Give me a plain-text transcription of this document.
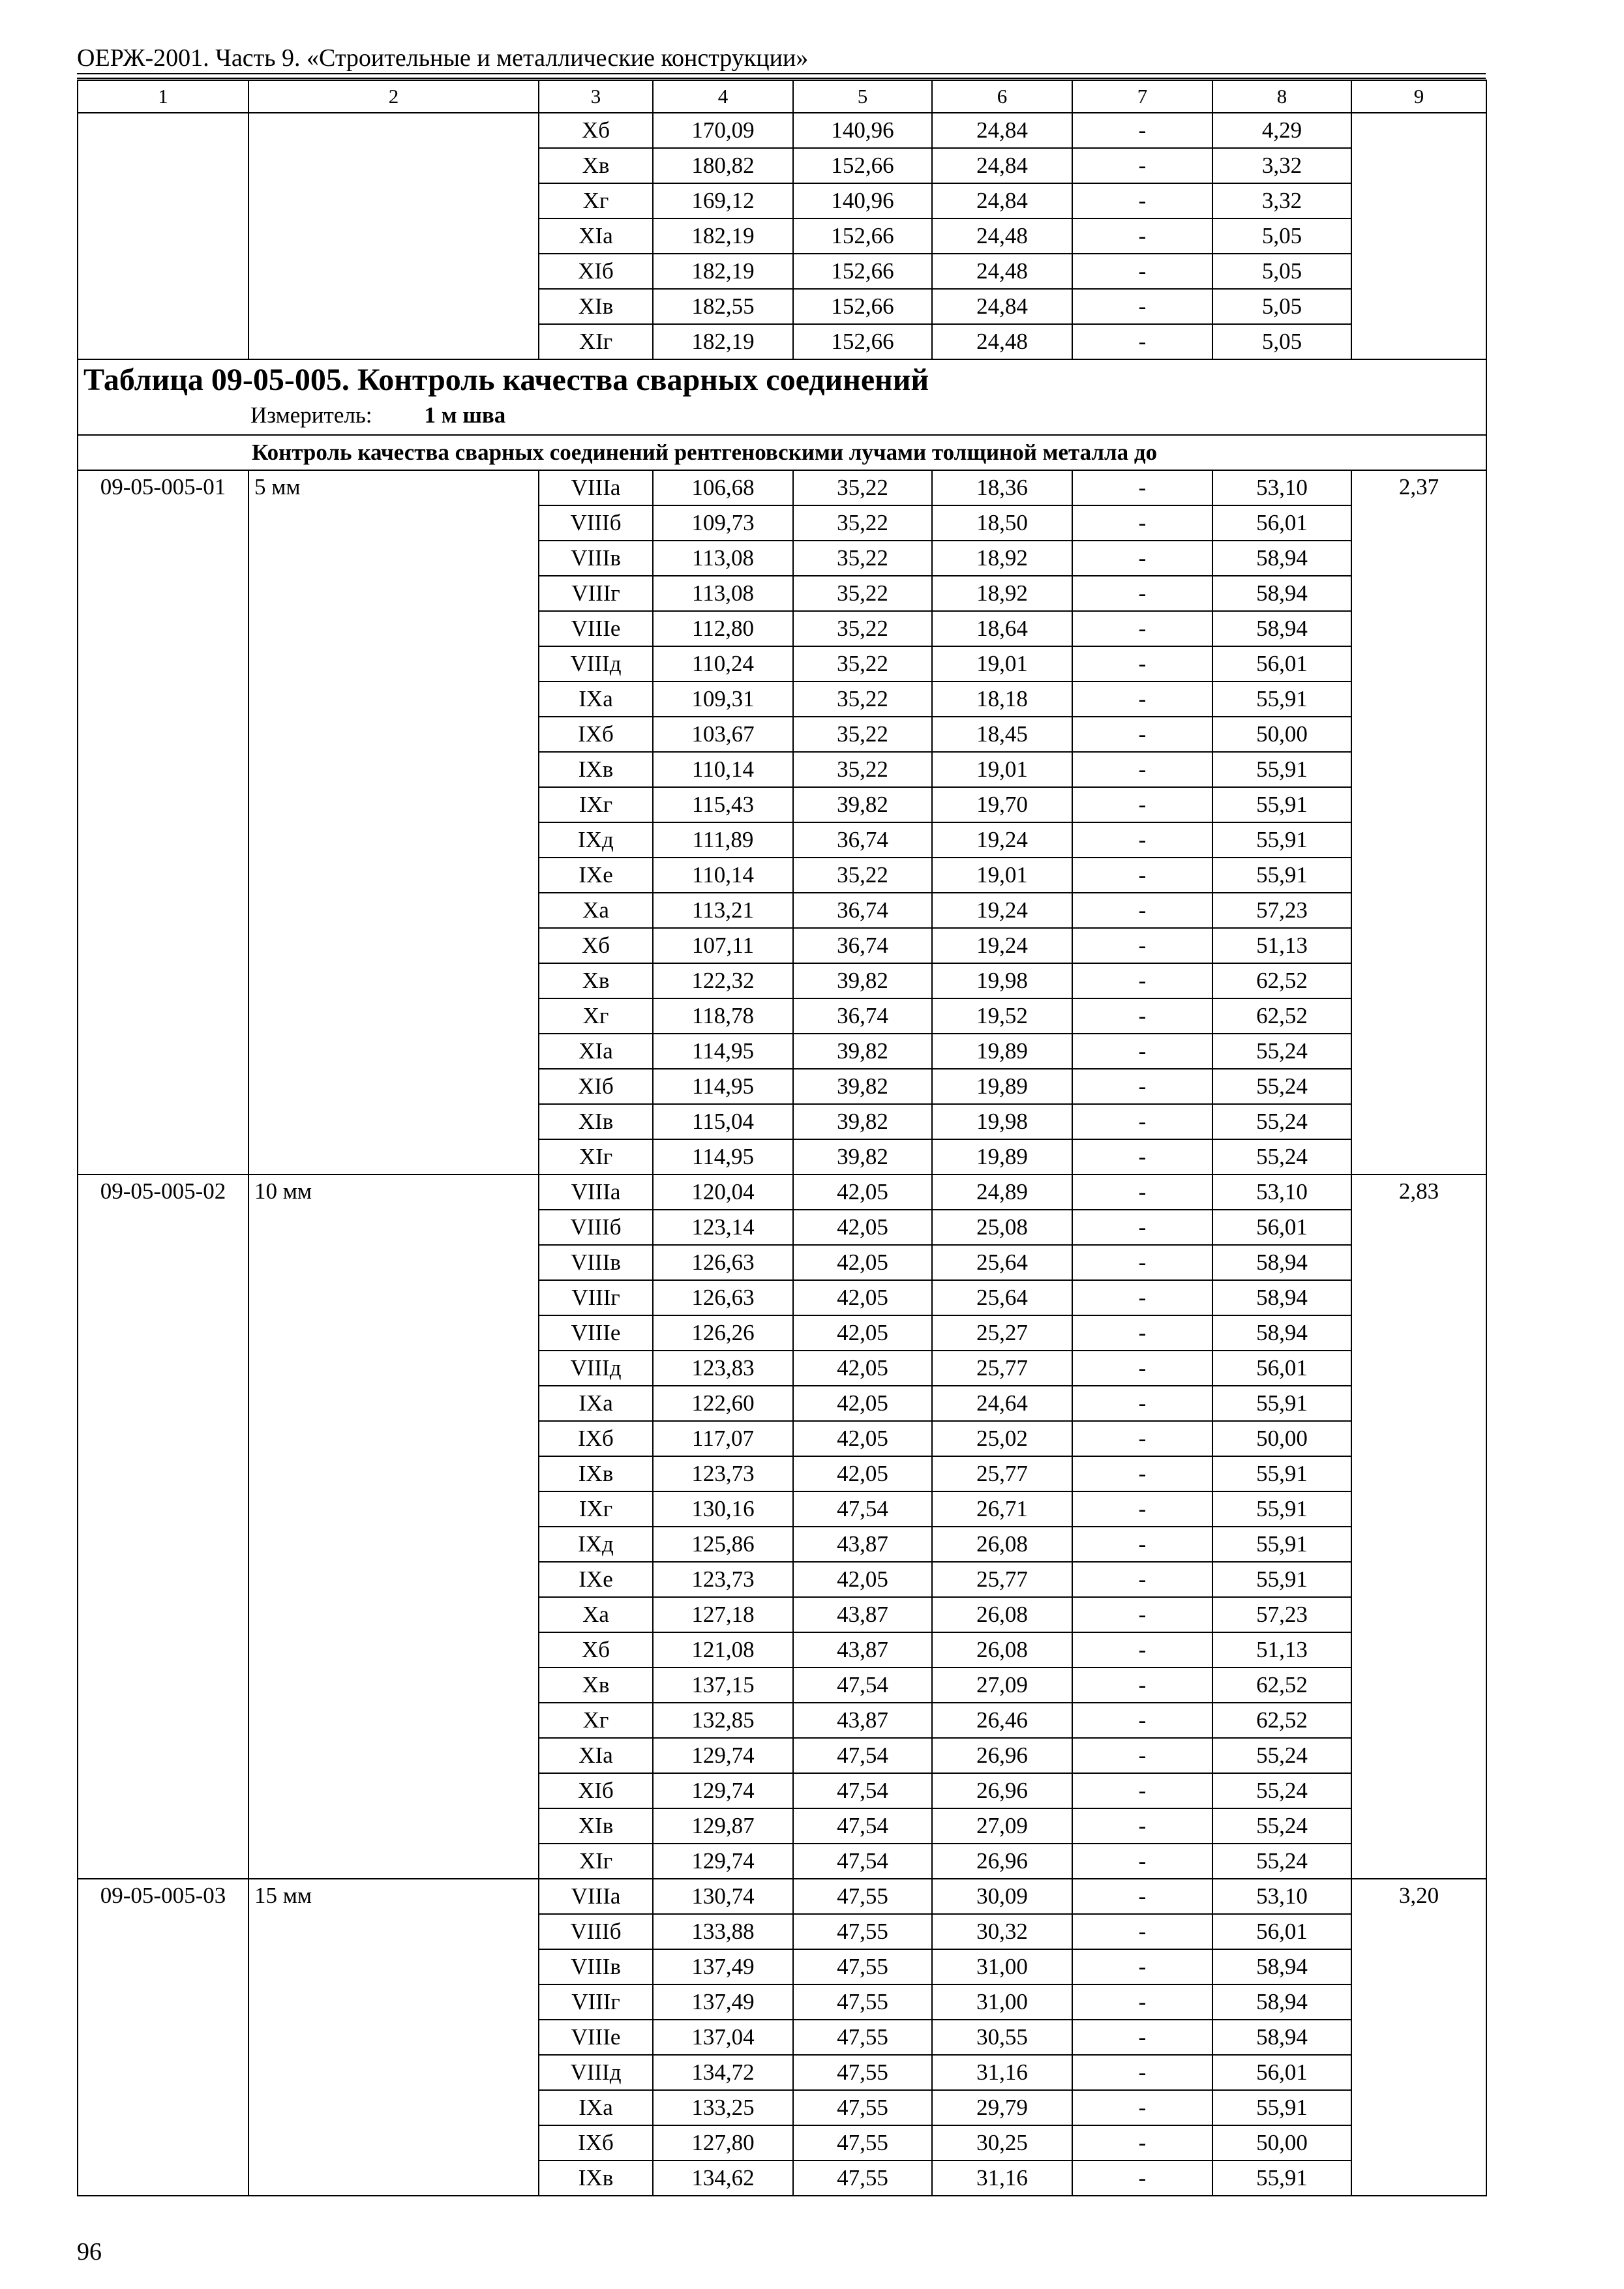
ОЕРЖ-2001. Часть 9. «Строительные и металлические конструкции»
1	2	3	4	5	6	7	8	9
		Xб	170,09	140,96	24,84	-	4,29	
		Xв	180,82	152,66	24,84	-	3,32	
		Xг	169,12	140,96	24,84	-	3,32	
		XIа	182,19	152,66	24,48	-	5,05	
		XIб	182,19	152,66	24,48	-	5,05	
		XIв	182,55	152,66	24,84	-	5,05	
		XIг	182,19	152,66	24,48	-	5,05	

Таблица 09-05-005. Контроль качества сварных соединений
Измеритель: 1 м шва								

Контроль качества сварных соединений рентгеновскими лучами толщиной металла до								
09-05-005-01	5 мм	VIIIа	106,68	35,22	18,36	-	53,10	2,37
		VIIIб	109,73	35,22	18,50	-	56,01	
		VIIIв	113,08	35,22	18,92	-	58,94	
		VIIIг	113,08	35,22	18,92	-	58,94	
		VIIIе	112,80	35,22	18,64	-	58,94	
		VIIIд	110,24	35,22	19,01	-	56,01	
		IXа	109,31	35,22	18,18	-	55,91	
		IXб	103,67	35,22	18,45	-	50,00	
		IXв	110,14	35,22	19,01	-	55,91	
		IXг	115,43	39,82	19,70	-	55,91	
		IXд	111,89	36,74	19,24	-	55,91	
		IXе	110,14	35,22	19,01	-	55,91	
		Xа	113,21	36,74	19,24	-	57,23	
		Xб	107,11	36,74	19,24	-	51,13	
		Xв	122,32	39,82	19,98	-	62,52	
		Xг	118,78	36,74	19,52	-	62,52	
		XIа	114,95	39,82	19,89	-	55,24	
		XIб	114,95	39,82	19,89	-	55,24	
		XIв	115,04	39,82	19,98	-	55,24	
		XIг	114,95	39,82	19,89	-	55,24	
09-05-005-02	10 мм	VIIIа	120,04	42,05	24,89	-	53,10	2,83
		VIIIб	123,14	42,05	25,08	-	56,01	
		VIIIв	126,63	42,05	25,64	-	58,94	
		VIIIг	126,63	42,05	25,64	-	58,94	
		VIIIе	126,26	42,05	25,27	-	58,94	
		VIIIд	123,83	42,05	25,77	-	56,01	
		IXа	122,60	42,05	24,64	-	55,91	
		IXб	117,07	42,05	25,02	-	50,00	
		IXв	123,73	42,05	25,77	-	55,91	
		IXг	130,16	47,54	26,71	-	55,91	
		IXд	125,86	43,87	26,08	-	55,91	
		IXе	123,73	42,05	25,77	-	55,91	
		Xа	127,18	43,87	26,08	-	57,23	
		Xб	121,08	43,87	26,08	-	51,13	
		Xв	137,15	47,54	27,09	-	62,52	
		Xг	132,85	43,87	26,46	-	62,52	
		XIа	129,74	47,54	26,96	-	55,24	
		XIб	129,74	47,54	26,96	-	55,24	
		XIв	129,87	47,54	27,09	-	55,24	
		XIг	129,74	47,54	26,96	-	55,24	
09-05-005-03	15 мм	VIIIа	130,74	47,55	30,09	-	53,10	3,20
		VIIIб	133,88	47,55	30,32	-	56,01	
		VIIIв	137,49	47,55	31,00	-	58,94	
		VIIIг	137,49	47,55	31,00	-	58,94	
		VIIIе	137,04	47,55	30,55	-	58,94	
		VIIIд	134,72	47,55	31,16	-	56,01	
		IXа	133,25	47,55	29,79	-	55,91	
		IXб	127,80	47,55	30,25	-	50,00	
		IXв	134,62	47,55	31,16	-	55,91	
96
